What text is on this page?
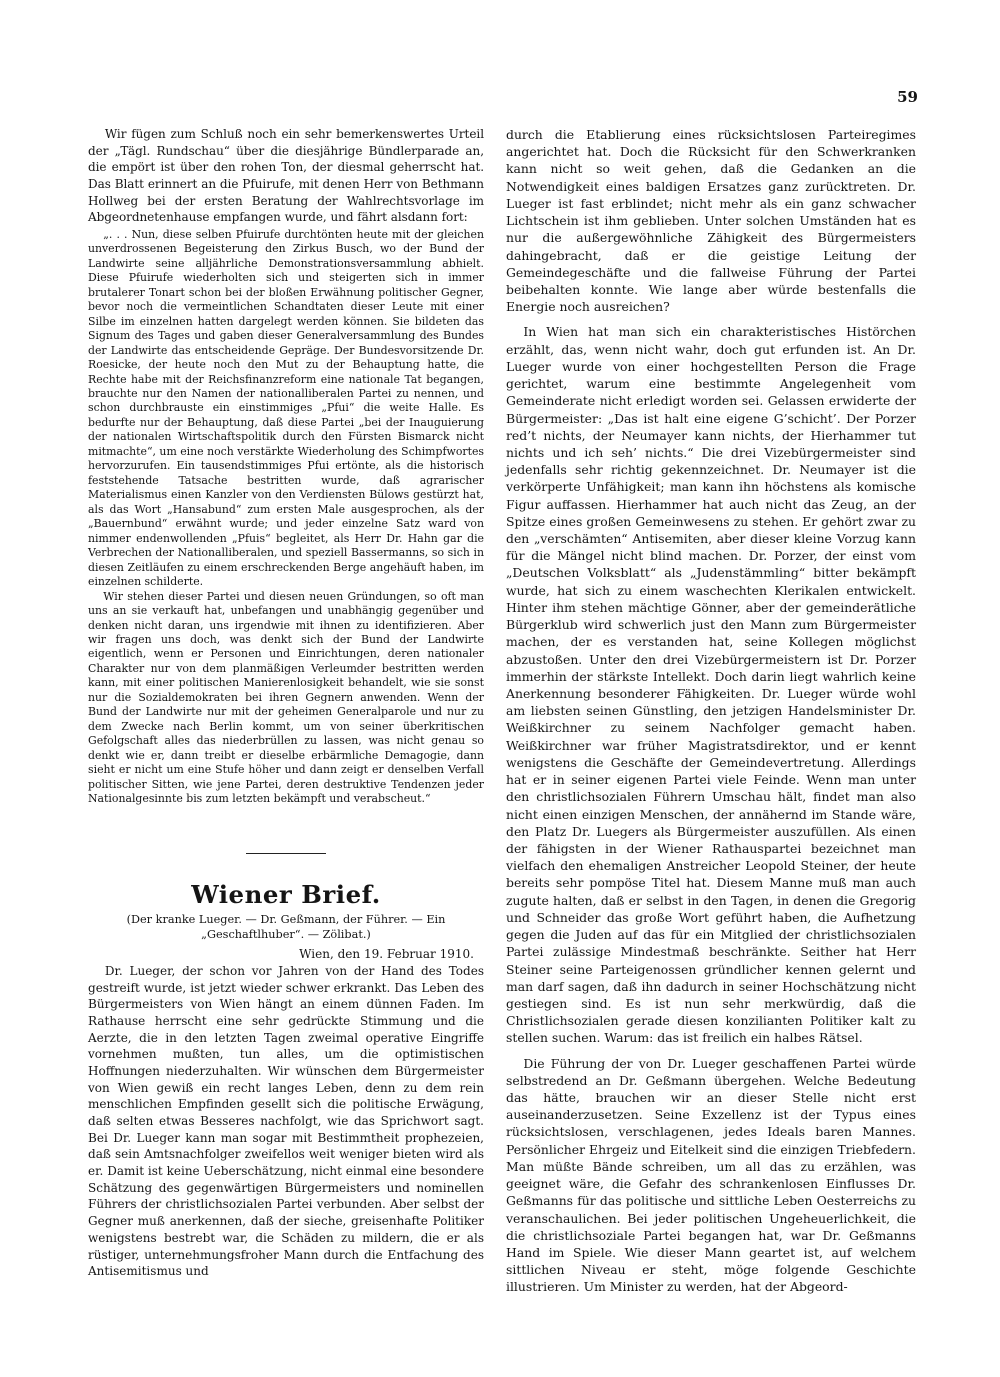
59

Wir fügen zum Schluß noch ein sehr bemerkenswertes Urteil der „Tägl. Rundschau“ über die diesjährige Bündlerparade an, die empört ist über den rohen Ton, der diesmal geherrscht hat. Das Blatt erinnert an die Pfuirufe, mit denen Herr von Bethmann Hollweg bei der ersten Beratung der Wahlrechtsvorlage im Abgeordnetenhause empfangen wurde, und fährt alsdann fort:

„. . . Nun, diese selben Pfuirufe durchtönten heute mit der gleichen unverdrossenen Begeisterung den Zirkus Busch, wo der Bund der Landwirte seine alljährliche Demonstrationsversammlung abhielt. Diese Pfuirufe wiederholten sich und steigerten sich in immer brutalerer Tonart schon bei der bloßen Erwähnung politischer Gegner, bevor noch die vermeintlichen Schandtaten dieser Leute mit einer Silbe im einzelnen hatten dargelegt werden können. Sie bildeten das Signum des Tages und gaben dieser Generalversammlung des Bundes der Landwirte das entscheidende Gepräge. Der Bundesvorsitzende Dr. Roesicke, der heute noch den Mut zu der Behauptung hatte, die Rechte habe mit der Reichsfinanzreform eine nationale Tat begangen, brauchte nur den Namen der nationalliberalen Partei zu nennen, und schon durchbrauste ein einstimmiges „Pfui“ die weite Halle. Es bedurfte nur der Behauptung, daß diese Partei „bei der Inauguierung der nationalen Wirtschaftspolitik durch den Fürsten Bismarck nicht mitmachte“, um eine noch verstärkte Wiederholung des Schimpfwortes hervorzurufen. Ein tausendstimmiges Pfui ertönte, als die historisch feststehende Tatsache bestritten wurde, daß agrarischer Materialismus einen Kanzler von den Verdiensten Bülows gestürzt hat, als das Wort „Hansabund“ zum ersten Male ausgesprochen, als der „Bauernbund“ erwähnt wurde; und jeder einzelne Satz ward von nimmer endenwollenden „Pfuis“ begleitet, als Herr Dr. Hahn gar die Verbrechen der Nationalliberalen, und speziell Bassermanns, so sich in diesen Zeitläufen zu einem erschreckenden Berge angehäuft haben, im einzelnen schilderte.

Wir stehen dieser Partei und diesen neuen Gründungen, so oft man uns an sie verkauft hat, unbefangen und unabhängig gegenüber und denken nicht daran, uns irgendwie mit ihnen zu identifizieren. Aber wir fragen uns doch, was denkt sich der Bund der Landwirte eigentlich, wenn er Personen und Einrichtungen, deren nationaler Charakter nur von dem planmäßigen Verleumder bestritten werden kann, mit einer politischen Manierenlosigkeit behandelt, wie sie sonst nur die Sozialdemokraten bei ihren Gegnern anwenden. Wenn der Bund der Landwirte nur mit der geheimen Generalparole und nur zu dem Zwecke nach Berlin kommt, um von seiner überkritischen Gefolgschaft alles das niederbrüllen zu lassen, was nicht genau so denkt wie er, dann treibt er dieselbe erbärmliche Demagogie, dann sieht er nicht um eine Stufe höher und dann zeigt er denselben Verfall politischer Sitten, wie jene Partei, deren destruktive Tendenzen jeder Nationalgesinnte bis zum letzten bekämpft und verabscheut.“

Wiener Brief.

(Der kranke Lueger. — Dr. Geßmann, der Führer. — Ein „Geschaftlhuber“. — Zölibat.)

Wien, den 19. Februar 1910.

Dr. Lueger, der schon vor Jahren von der Hand des Todes gestreift wurde, ist jetzt wieder schwer erkrankt. Das Leben des Bürgermeisters von Wien hängt an einem dünnen Faden. Im Rathause herrscht eine sehr gedrückte Stimmung und die Aerzte, die in den letzten Tagen zweimal operative Eingriffe vornehmen mußten, tun alles, um die optimistischen Hoffnungen niederzuhalten. Wir wünschen dem Bürgermeister von Wien gewiß ein recht langes Leben, denn zu dem rein menschlichen Empfinden gesellt sich die politische Erwägung, daß selten etwas Besseres nachfolgt, wie das Sprichwort sagt. Bei Dr. Lueger kann man sogar mit Bestimmtheit prophezeien, daß sein Amtsnachfolger zweifellos weit weniger bieten wird als er. Damit ist keine Ueberschätzung, nicht einmal eine besondere Schätzung des gegenwärtigen Bürgermeisters und nominellen Führers der christlichsozialen Partei verbunden. Aber selbst der Gegner muß anerkennen, daß der sieche, greisenhafte Politiker wenigstens bestrebt war, die Schäden zu mildern, die er als rüstiger, unternehmungsfroher Mann durch die Entfachung des Antisemitismus und

durch die Etablierung eines rücksichtslosen Parteiregimes angerichtet hat. Doch die Rücksicht für den Schwerkranken kann nicht so weit gehen, daß die Gedanken an die Notwendigkeit eines baldigen Ersatzes ganz zurücktreten. Dr. Lueger ist fast erblindet; nicht mehr als ein ganz schwacher Lichtschein ist ihm geblieben. Unter solchen Umständen hat es nur die außergewöhnliche Zähigkeit des Bürgermeisters dahingebracht, daß er die geistige Leitung der Gemeindegeschäfte und die fallweise Führung der Partei beibehalten konnte. Wie lange aber würde bestenfalls die Energie noch ausreichen?

In Wien hat man sich ein charakteristisches Histörchen erzählt, das, wenn nicht wahr, doch gut erfunden ist. An Dr. Lueger wurde von einer hochgestellten Person die Frage gerichtet, warum eine bestimmte Angelegenheit vom Gemeinderate nicht erledigt worden sei. Gelassen erwiderte der Bürgermeister: „Das ist halt eine eigene G’schicht’. Der Porzer red’t nichts, der Neumayer kann nichts, der Hierhammer tut nichts und ich seh’ nichts.“ Die drei Vizebürgermeister sind jedenfalls sehr richtig gekennzeichnet. Dr. Neumayer ist die verkörperte Unfähigkeit; man kann ihn höchstens als komische Figur auffassen. Hierhammer hat auch nicht das Zeug, an der Spitze eines großen Gemeinwesens zu stehen. Er gehört zwar zu den „verschämten“ Antisemiten, aber dieser kleine Vorzug kann für die Mängel nicht blind machen. Dr. Porzer, der einst vom „Deutschen Volksblatt“ als „Judenstämmling“ bitter bekämpft wurde, hat sich zu einem waschechten Klerikalen entwickelt. Hinter ihm stehen mächtige Gönner, aber der gemeinderätliche Bürgerklub wird schwerlich just den Mann zum Bürgermeister machen, der es verstanden hat, seine Kollegen möglichst abzustoßen. Unter den drei Vizebürgermeistern ist Dr. Porzer immerhin der stärkste Intellekt. Doch darin liegt wahrlich keine Anerkennung besonderer Fähigkeiten. Dr. Lueger würde wohl am liebsten seinen Günstling, den jetzigen Handelsminister Dr. Weißkirchner zu seinem Nachfolger gemacht haben. Weißkirchner war früher Magistratsdirektor, und er kennt wenigstens die Geschäfte der Gemeindevertretung. Allerdings hat er in seiner eigenen Partei viele Feinde. Wenn man unter den christlichsozialen Führern Umschau hält, findet man also nicht einen einzigen Menschen, der annähernd im Stande wäre, den Platz Dr. Luegers als Bürgermeister auszufüllen. Als einen der fähigsten in der Wiener Rathauspartei bezeichnet man vielfach den ehemaligen Anstreicher Leopold Steiner, der heute bereits sehr pompöse Titel hat. Diesem Manne muß man auch zugute halten, daß er selbst in den Tagen, in denen die Gregorig und Schneider das große Wort geführt haben, die Aufhetzung gegen die Juden auf das für ein Mitglied der christlichsozialen Partei zulässige Mindestmaß beschränkte. Seither hat Herr Steiner seine Parteigenossen gründlicher kennen gelernt und man darf sagen, daß ihn dadurch in seiner Hochschätzung nicht gestiegen sind. Es ist nun sehr merkwürdig, daß die Christlichsozialen gerade diesen konzilianten Politiker kalt zu stellen suchen. Warum: das ist freilich ein halbes Rätsel.

Die Führung der von Dr. Lueger geschaffenen Partei würde selbstredend an Dr. Geßmann übergehen. Welche Bedeutung das hätte, brauchen wir an dieser Stelle nicht erst auseinanderzusetzen. Seine Exzellenz ist der Typus eines rücksichtslosen, verschlagenen, jedes Ideals baren Mannes. Persönlicher Ehrgeiz und Eitelkeit sind die einzigen Triebfedern. Man müßte Bände schreiben, um all das zu erzählen, was geeignet wäre, die Gefahr des schrankenlosen Einflusses Dr. Geßmanns für das politische und sittliche Leben Oesterreichs zu veranschaulichen. Bei jeder politischen Ungeheuerlichkeit, die die christlichsoziale Partei begangen hat, war Dr. Geßmanns Hand im Spiele. Wie dieser Mann geartet ist, auf welchem sittlichen Niveau er steht, möge folgende Geschichte illustrieren. Um Minister zu werden, hat der Abgeord-
